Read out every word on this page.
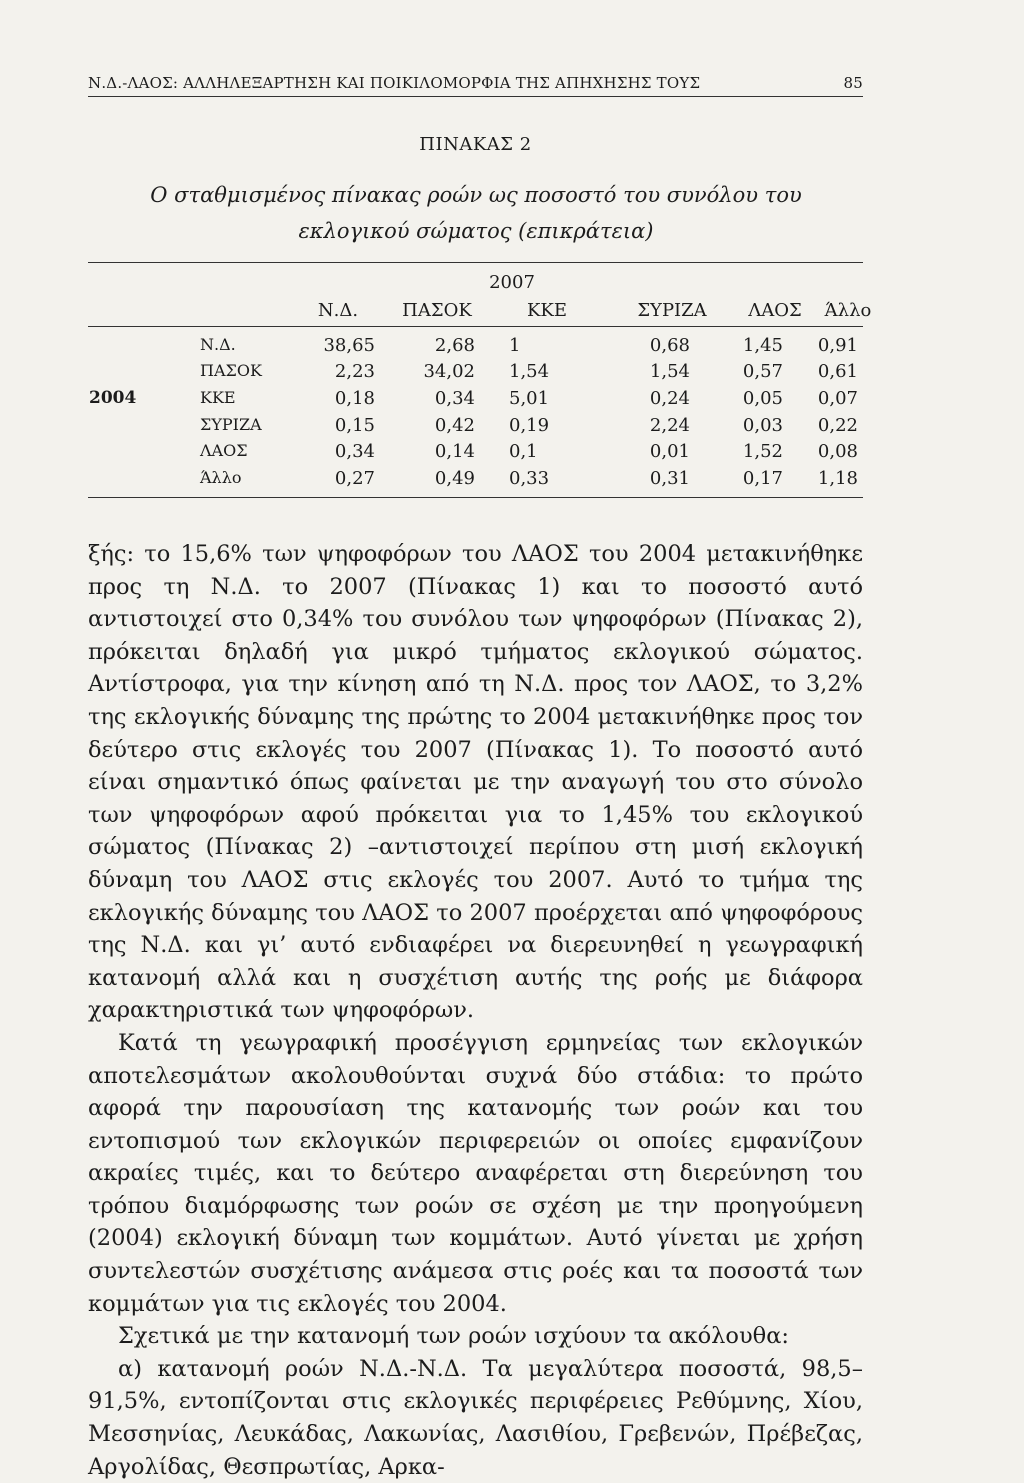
Ν.Δ.-ΛΑΟΣ: ΑΛΛΗΛΕΞΑΡΤΗΣΗ ΚΑΙ ΠΟΙΚΙΛΟΜΟΡΦΙΑ ΤΗΣ ΑΠΗΧΗΣΗΣ ΤΟΥΣ	85
ΠΙΝΑΚΑΣ 2
Ο σταθμισμένος πίνακας ροών ως ποσοστό του συνόλου του εκλογικού σώματος (επικράτεια)
2007
Ν.Δ.	ΠΑΣΟΚ	ΚΚΕ	ΣΥΡΙΖΑ	ΛΑΟΣ	Άλλο
2004
Ν.Δ.	38,65	2,68	1	0,68	1,45	0,91
ΠΑΣΟΚ	2,23	34,02	1,54	1,54	0,57	0,61
ΚΚΕ	0,18	0,34	5,01	0,24	0,05	0,07
ΣΥΡΙΖΑ	0,15	0,42	0,19	2,24	0,03	0,22
ΛΑΟΣ	0,34	0,14	0,1	0,01	1,52	0,08
Άλλο	0,27	0,49	0,33	0,31	0,17	1,18

ξής: το 15,6% των ψηφοφόρων του ΛΑΟΣ του 2004 μετακινήθηκε προς τη Ν.Δ. το 2007 (Πίνακας 1) και το ποσοστό αυτό αντιστοιχεί στο 0,34% του συνόλου των ψηφοφόρων (Πίνακας 2), πρόκειται δηλαδή για μικρό τμήματος εκλογικού σώματος. Αντίστροφα, για την κίνηση από τη Ν.Δ. προς τον ΛΑΟΣ, το 3,2% της εκλογικής δύναμης της πρώτης το 2004 μετακινήθηκε προς τον δεύτερο στις εκλογές του 2007 (Πίνακας 1). Το ποσοστό αυτό είναι σημαντικό όπως φαίνεται με την αναγωγή του στο σύνολο των ψηφοφόρων αφού πρόκειται για το 1,45% του εκλογικού σώματος (Πίνακας 2) –αντιστοιχεί περίπου στη μισή εκλογική δύναμη του ΛΑΟΣ στις εκλογές του 2007. Αυτό το τμήμα της εκλογικής δύναμης του ΛΑΟΣ το 2007 προέρχεται από ψηφοφόρους της Ν.Δ. και γι’ αυτό ενδιαφέρει να διερευνηθεί η γεωγραφική κατανομή αλλά και η συσχέτιση αυτής της ροής με διάφορα χαρακτηριστικά των ψηφοφόρων.

Κατά τη γεωγραφική προσέγγιση ερμηνείας των εκλογικών αποτελεσμάτων ακολουθούνται συχνά δύο στάδια: το πρώτο αφορά την παρουσίαση της κατανομής των ροών και του εντοπισμού των εκλογικών περιφερειών οι οποίες εμφανίζουν ακραίες τιμές, και το δεύτερο αναφέρεται στη διερεύνηση του τρόπου διαμόρφωσης των ροών σε σχέση με την προηγούμενη (2004) εκλογική δύναμη των κομμάτων. Αυτό γίνεται με χρήση συντελεστών συσχέτισης ανάμεσα στις ροές και τα ποσοστά των κομμάτων για τις εκλογές του 2004.

Σχετικά με την κατανομή των ροών ισχύουν τα ακόλουθα:

α) κατανομή ροών Ν.Δ.-Ν.Δ. Τα μεγαλύτερα ποσοστά, 98,5–91,5%, εντοπίζονται στις εκλογικές περιφέρειες Ρεθύμνης, Χίου, Μεσσηνίας, Λευκάδας, Λακωνίας, Λασιθίου, Γρεβενών, Πρέβεζας, Αργολίδας, Θεσπρωτίας, Αρκα-
